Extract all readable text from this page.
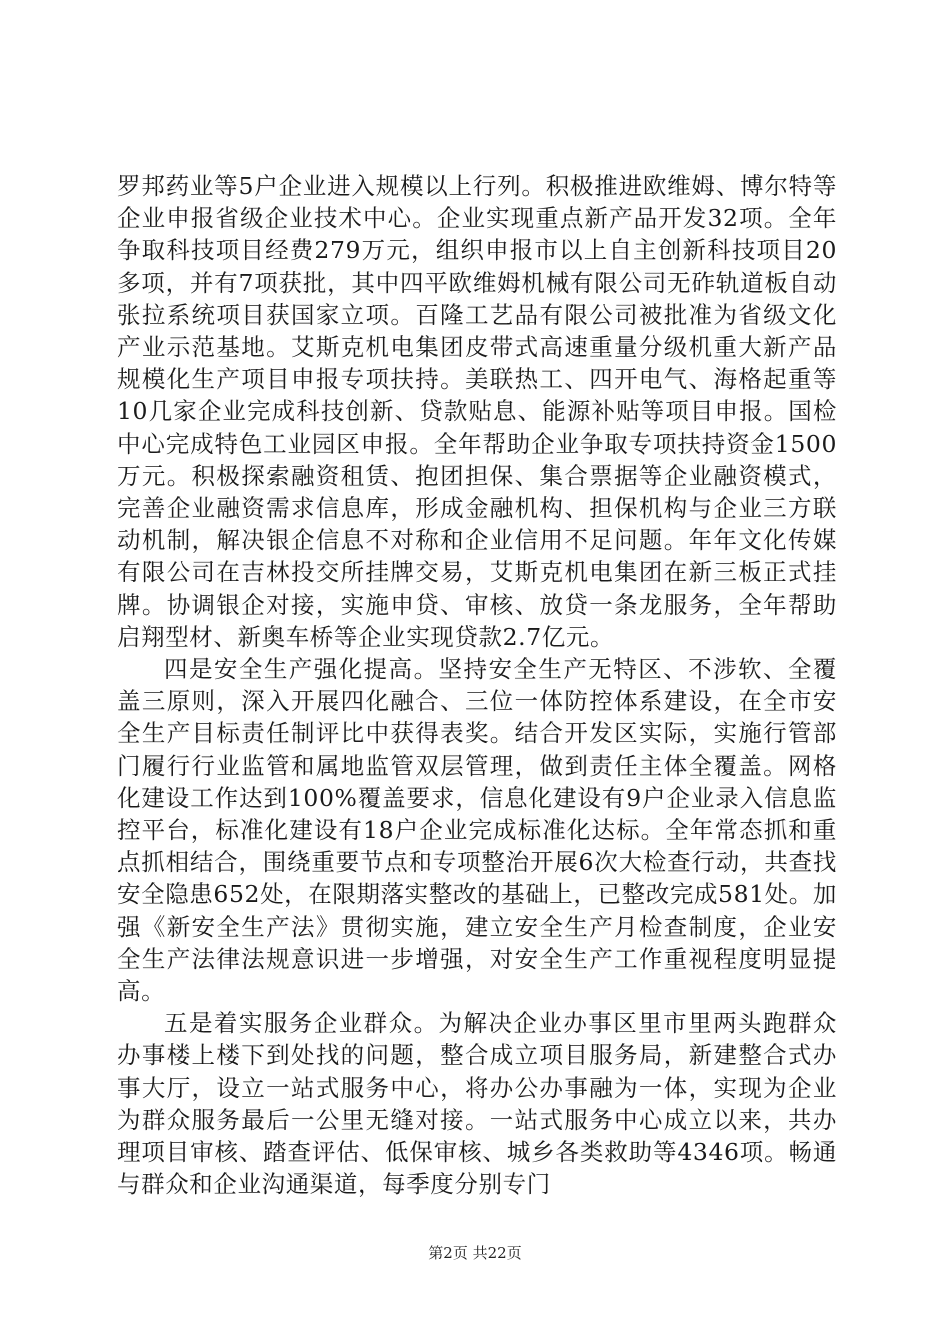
罗邦药业等5户企业进入规模以上行列。积极推进欧维姆、博尔特等企业申报省级企业技术中心。企业实现重点新产品开发32项。全年争取科技项目经费279万元，组织申报市以上自主创新科技项目20多项，并有7项获批，其中四平欧维姆机械有限公司无砟轨道板自动张拉系统项目获国家立项。百隆工艺品有限公司被批准为省级文化产业示范基地。艾斯克机电集团皮带式高速重量分级机重大新产品规模化生产项目申报专项扶持。美联热工、四开电气、海格起重等10几家企业完成科技创新、贷款贴息、能源补贴等项目申报。国检中心完成特色工业园区申报。全年帮助企业争取专项扶持资金1500万元。积极探索融资租赁、抱团担保、集合票据等企业融资模式，完善企业融资需求信息库，形成金融机构、担保机构与企业三方联动机制，解决银企信息不对称和企业信用不足问题。年年文化传媒有限公司在吉林投交所挂牌交易，艾斯克机电集团在新三板正式挂牌。协调银企对接，实施申贷、审核、放贷一条龙服务，全年帮助启翔型材、新奥车桥等企业实现贷款2.7亿元。

四是安全生产强化提高。坚持安全生产无特区、不涉软、全覆盖三原则，深入开展四化融合、三位一体防控体系建设，在全市安全生产目标责任制评比中获得表奖。结合开发区实际，实施行管部门履行行业监管和属地监管双层管理，做到责任主体全覆盖。网格化建设工作达到100%覆盖要求，信息化建设有9户企业录入信息监控平台，标准化建设有18户企业完成标准化达标。全年常态抓和重点抓相结合，围绕重要节点和专项整治开展6次大检查行动，共查找安全隐患652处，在限期落实整改的基础上，已整改完成581处。加强《新安全生产法》贯彻实施，建立安全生产月检查制度，企业安全生产法律法规意识进一步增强，对安全生产工作重视程度明显提高。

五是着实服务企业群众。为解决企业办事区里市里两头跑群众办事楼上楼下到处找的问题，整合成立项目服务局，新建整合式办事大厅，设立一站式服务中心，将办公办事融为一体，实现为企业为群众服务最后一公里无缝对接。一站式服务中心成立以来，共办理项目审核、踏查评估、低保审核、城乡各类救助等4346项。畅通与群众和企业沟通渠道，每季度分别专门

第2页 共22页
